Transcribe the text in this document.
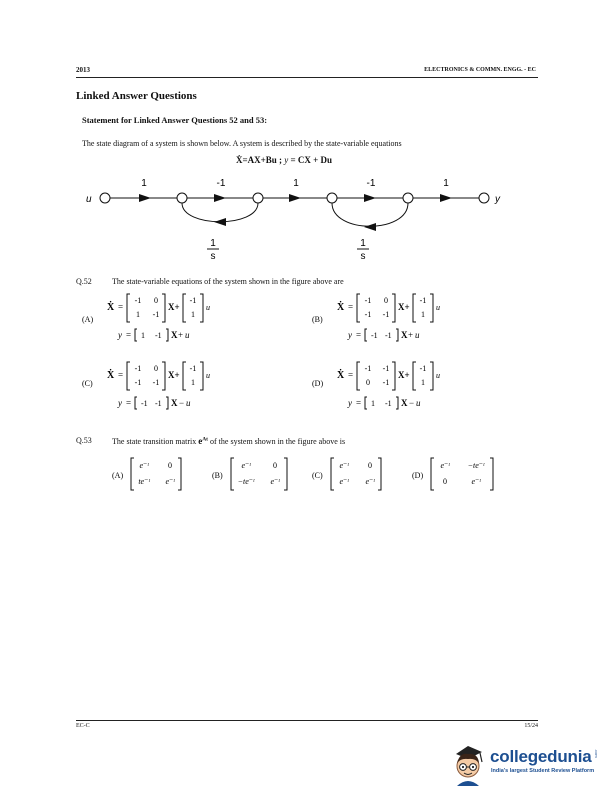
2013	ELECTRONICS & COMMN. ENGG. - EC
Linked Answer Questions
Statement for Linked Answer Questions 52 and 53:
The state diagram of a system is shown below. A system is described by the state-variable equations
Ẋ=AX+Bu ; y = CX + Du
u
1	-1	1	-1	1
y
1
s
1
s
Q.52	The state-variable equations of the system shown in the figure above are
(A)
Ẋ =
-1 0
1 -1
X+
-1
1
u
y = 1 -1 X + u
(B)
Ẋ =
-1 0
-1 -1
X+
-1
1
u
y = -1 -1 X + u
(C)
Ẋ =
-1 0
-1 -1
X+
-1
1
u
y = -1 -1 X − u
(D)
Ẋ =
-1 -1
0 -1
X+
-1
1
u
y = 1 -1 X − u
Q.53	The state transition matrix $e^{At}$ of the system shown in the figure above is
(A)
e⁻ᵗ 0
te⁻ᵗ e⁻ᵗ
(B)
e⁻ᵗ	0
−te⁻ᵗ e⁻ᵗ
(C)
e⁻ᵗ 0
e⁻ᵗ e⁻ᵗ
(D)
e⁻ᵗ −te⁻ᵗ
0	e⁻ᵗ
EC-C	15/24
collegedunia .com
India's largest Student Review Platform
